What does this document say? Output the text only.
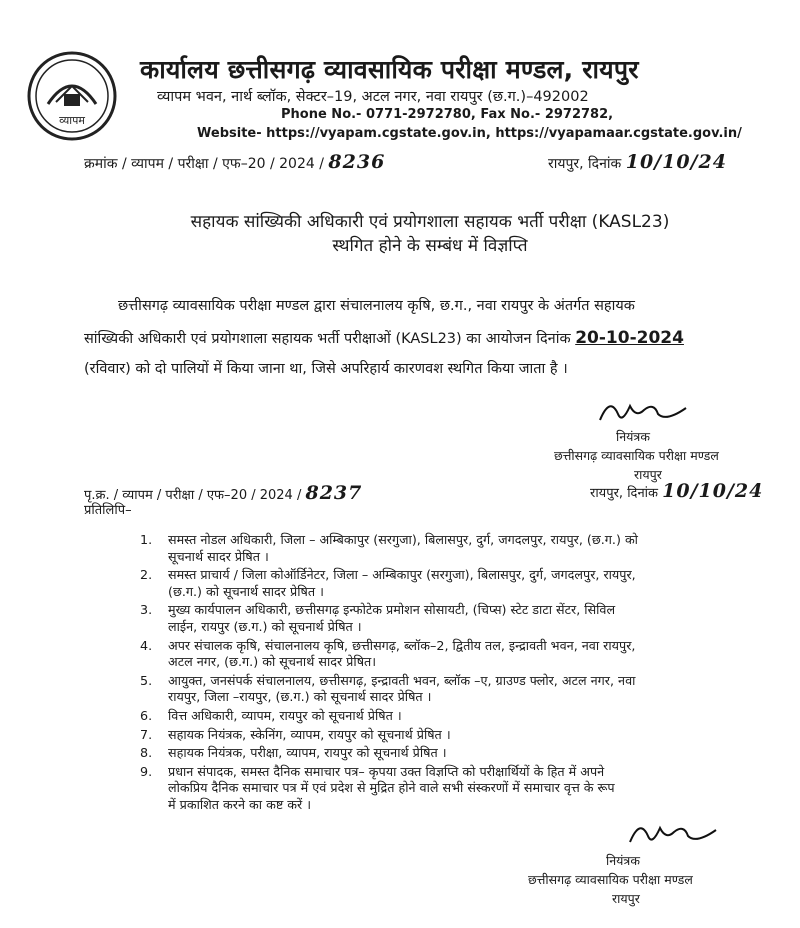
व्यापम
कार्यालय छत्तीसगढ़ व्यावसायिक परीक्षा मण्डल, रायपुर
व्यापम भवन, नार्थ ब्लॉक, सेक्टर–19, अटल नगर, नवा रायपुर (छ.ग.)–492002
Phone No.- 0771-2972780, Fax No.- 2972782,
Website- https://vyapam.cgstate.gov.in, https://vyapamaar.cgstate.gov.in/
क्रमांक / व्यापम / परीक्षा / एफ–20 / 2024 / 8236	रायपुर, दिनांक 10/10/24
सहायक सांख्यिकी अधिकारी एवं प्रयोगशाला सहायक भर्ती परीक्षा (KASL23)
स्थगित होने के सम्बंध में विज्ञप्ति
छत्तीसगढ़ व्यावसायिक परीक्षा मण्डल द्वारा संचालनालय कृषि, छ.ग., नवा रायपुर के अंतर्गत सहायक
सांख्यिकी अधिकारी एवं प्रयोगशाला सहायक भर्ती परीक्षाओं (KASL23) का आयोजन दिनांक 20-10-2024
(रविवार) को दो पालियों में किया जाना था, जिसे अपरिहार्य कारणवश स्थगित किया जाता है ।
नियंत्रक
छत्तीसगढ़ व्यावसायिक परीक्षा मण्डल
रायपुर
पृ.क्र. / व्यापम / परीक्षा / एफ–20 / 2024 / 8237	रायपुर, दिनांक 10/10/24
प्रतिलिपि–
1. समस्त नोडल अधिकारी, जिला – अम्बिकापुर (सरगुजा), बिलासपुर, दुर्ग, जगदलपुर, रायपुर, (छ.ग.) को
सूचनार्थ सादर प्रेषित ।
2. समस्त प्राचार्य / जिला कोऑर्डिनेटर, जिला – अम्बिकापुर (सरगुजा), बिलासपुर, दुर्ग, जगदलपुर, रायपुर,
(छ.ग.) को सूचनार्थ सादर प्रेषित ।
3. मुख्य कार्यपालन अधिकारी, छत्तीसगढ़ इन्फोटेक प्रमोशन सोसायटी, (चिप्स) स्टेट डाटा सेंटर, सिविल
लाईन, रायपुर (छ.ग.) को सूचनार्थ प्रेषित ।
4. अपर संचालक कृषि, संचालनालय कृषि, छत्तीसगढ़, ब्लॉक–2, द्वितीय तल, इन्द्रावती भवन, नवा रायपुर,
अटल नगर, (छ.ग.) को सूचनार्थ सादर प्रेषित।
5. आयुक्त, जनसंपर्क संचालनालय, छत्तीसगढ़, इन्द्रावती भवन, ब्लॉक –ए, ग्राउण्ड फ्लोर, अटल नगर, नवा
रायपुर, जिला –रायपुर, (छ.ग.) को सूचनार्थ सादर प्रेषित ।
6. वित्त अधिकारी, व्यापम, रायपुर को सूचनार्थ प्रेषित ।
7. सहायक नियंत्रक, स्केनिंग, व्यापम, रायपुर को सूचनार्थ प्रेषित ।
8. सहायक नियंत्रक, परीक्षा, व्यापम, रायपुर को सूचनार्थ प्रेषित ।
9. प्रधान संपादक, समस्त दैनिक समाचार पत्र– कृपया उक्त विज्ञप्ति को परीक्षार्थियों के हित में अपने
लोकप्रिय दैनिक समाचार पत्र में एवं प्रदेश से मुद्रित होने वाले सभी संस्करणों में समाचार वृत्त के रूप
में प्रकाशित करने का कष्ट करें ।
नियंत्रक
छत्तीसगढ़ व्यावसायिक परीक्षा मण्डल
रायपुर
